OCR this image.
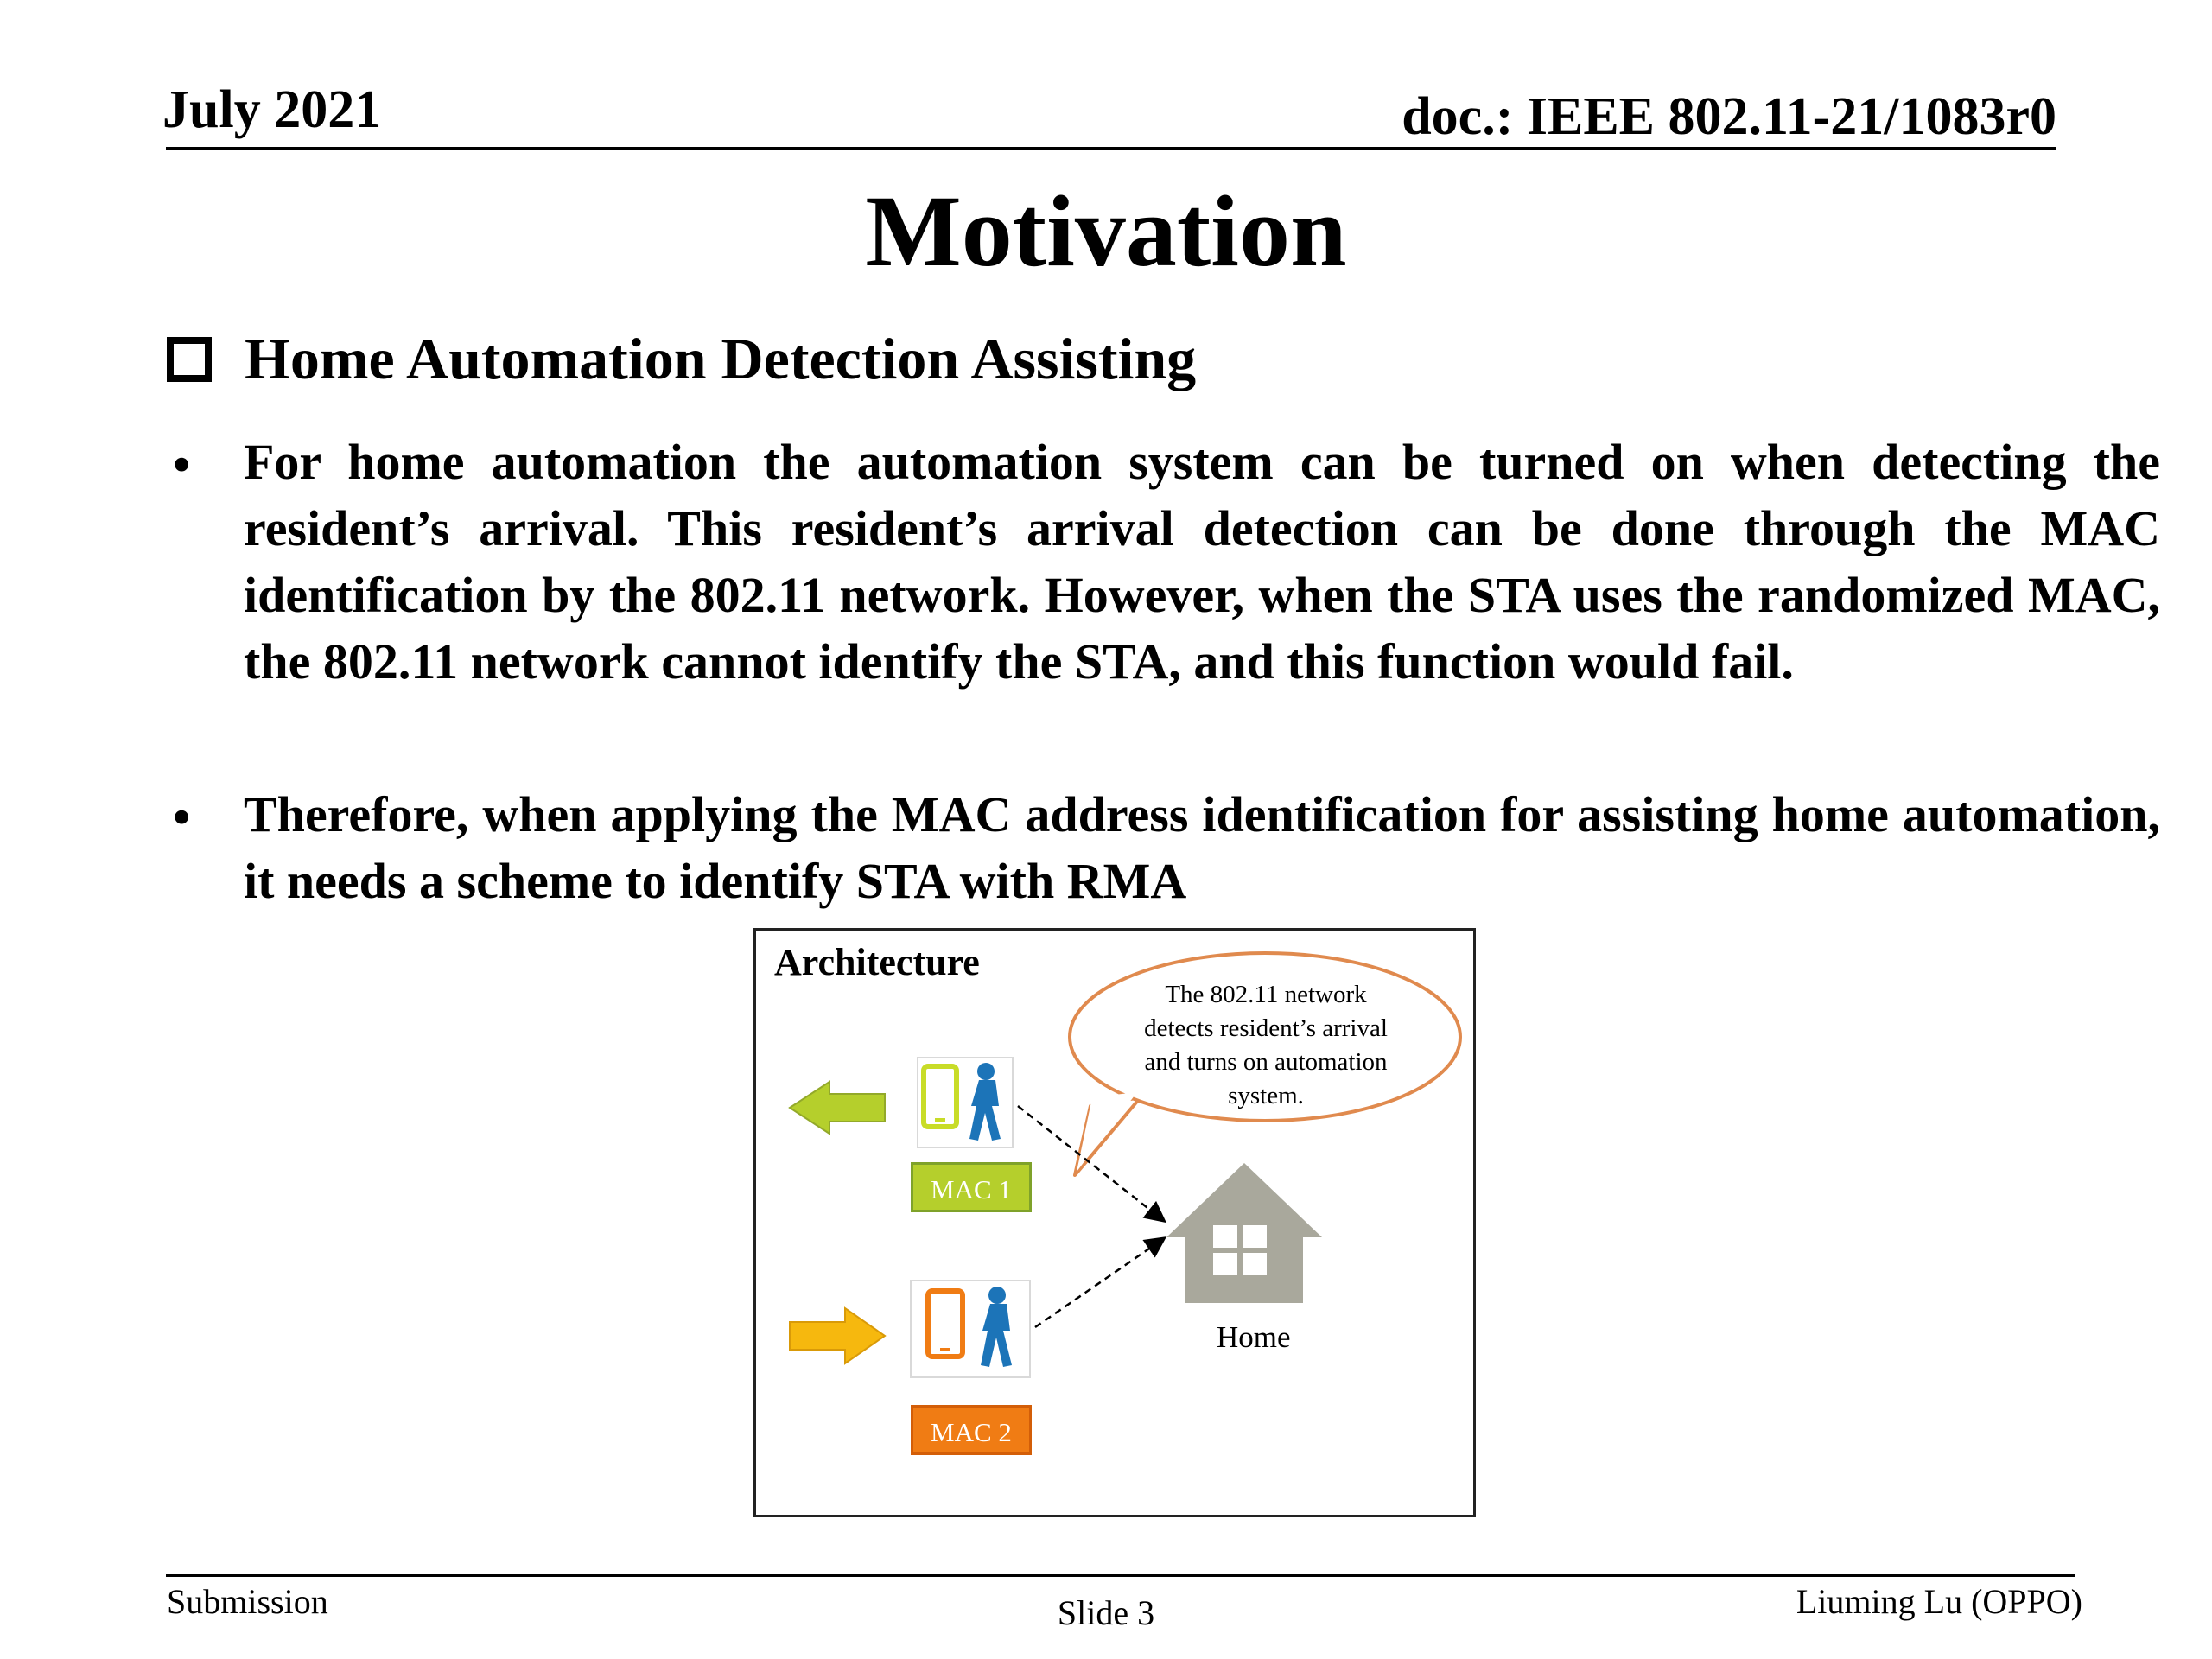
July 2021	doc.: IEEE 802.11-21/1083r0
Motivation
Home Automation Detection Assisting
• For home automation the automation system can be turned on when detecting the resident’s arrival. This resident’s arrival detection can be done through the MAC identification by the 802.11 network. However, when the STA uses the randomized MAC, the 802.11 network cannot identify the STA, and this function would fail.
• Therefore, when applying the MAC address identification for assisting home automation, it needs a scheme to identify STA with RMA
Architecture
The 802.11 network detects resident’s arrival and turns on automation system.
MAC 1
MAC 2
Home
Submission	Slide 3	Liuming Lu (OPPO)
